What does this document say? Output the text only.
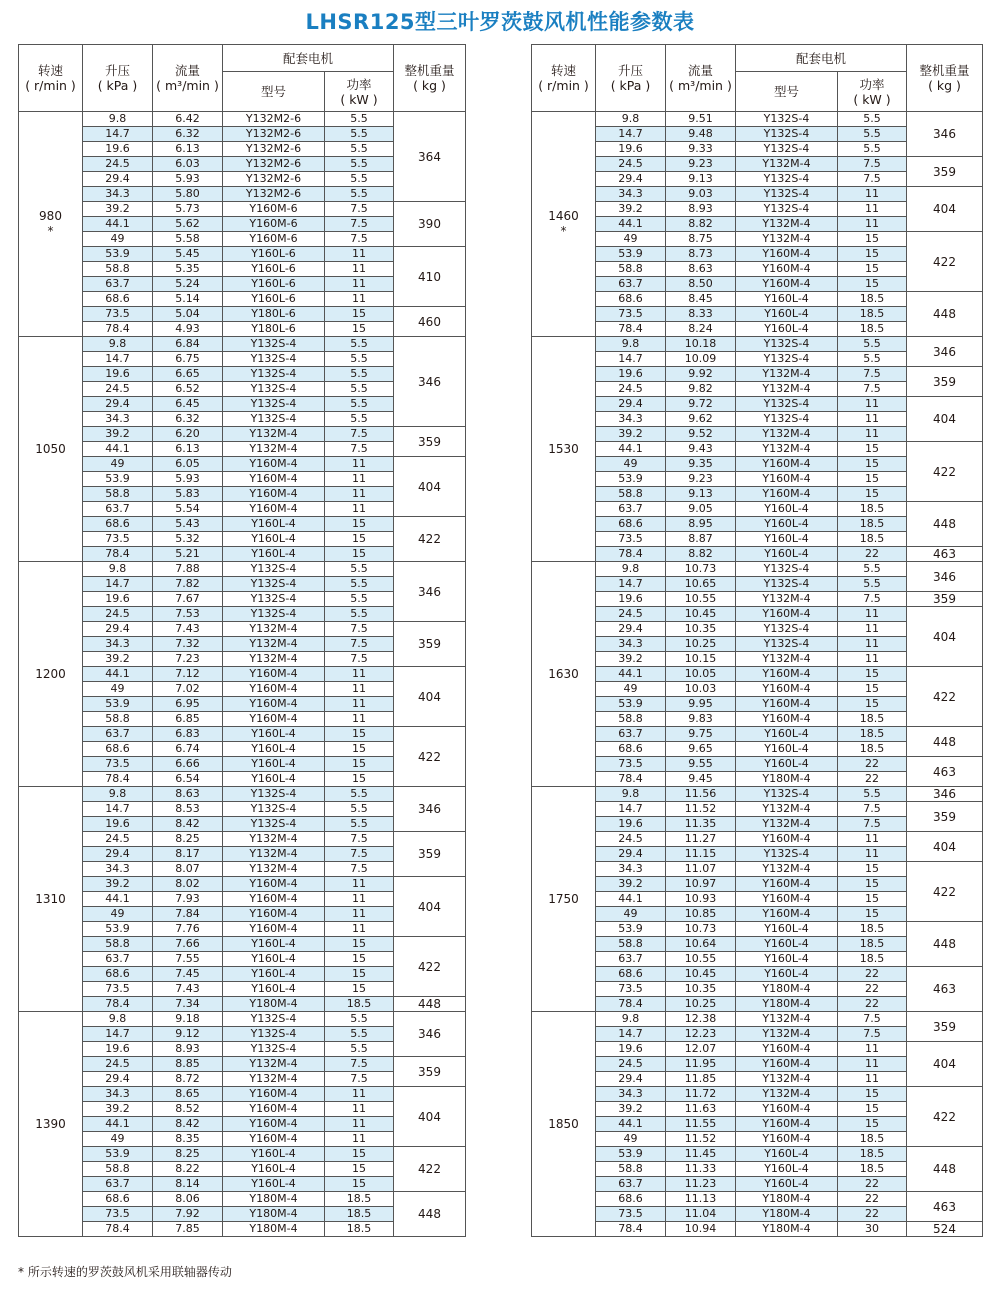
LHSR125型三叶罗茨鼓风机性能参数表
转速
( r/min )	升压
( kPa )	流量
( m³/min )	配套电机		整机重量
( kg )
			型号	功率
( kW )	
980
*	9.8	6.42	Y132M2-6	5.5	364
	14.7	6.32	Y132M2-6	5.5	
	19.6	6.13	Y132M2-6	5.5	
	24.5	6.03	Y132M2-6	5.5	
	29.4	5.93	Y132M2-6	5.5	
	34.3	5.80	Y132M2-6	5.5	
	39.2	5.73	Y160M-6	7.5	390
	44.1	5.62	Y160M-6	7.5	
	49	5.58	Y160M-6	7.5	
	53.9	5.45	Y160L-6	11	410
	58.8	5.35	Y160L-6	11	
	63.7	5.24	Y160L-6	11	
	68.6	5.14	Y160L-6	11	
	73.5	5.04	Y180L-6	15	460
	78.4	4.93	Y180L-6	15	
1050	9.8	6.84	Y132S-4	5.5	346
	14.7	6.75	Y132S-4	5.5	
	19.6	6.65	Y132S-4	5.5	
	24.5	6.52	Y132S-4	5.5	
	29.4	6.45	Y132S-4	5.5	
	34.3	6.32	Y132S-4	5.5	
	39.2	6.20	Y132M-4	7.5	359
	44.1	6.13	Y132M-4	7.5	
	49	6.05	Y160M-4	11	404
	53.9	5.93	Y160M-4	11	
	58.8	5.83	Y160M-4	11	
	63.7	5.54	Y160M-4	11	
	68.6	5.43	Y160L-4	15	422
	73.5	5.32	Y160L-4	15	
	78.4	5.21	Y160L-4	15	
1200	9.8	7.88	Y132S-4	5.5	346
	14.7	7.82	Y132S-4	5.5	
	19.6	7.67	Y132S-4	5.5	
	24.5	7.53	Y132S-4	5.5	
	29.4	7.43	Y132M-4	7.5	359
	34.3	7.32	Y132M-4	7.5	
	39.2	7.23	Y132M-4	7.5	
	44.1	7.12	Y160M-4	11	404
	49	7.02	Y160M-4	11	
	53.9	6.95	Y160M-4	11	
	58.8	6.85	Y160M-4	11	
	63.7	6.83	Y160L-4	15	422
	68.6	6.74	Y160L-4	15	
	73.5	6.66	Y160L-4	15	
	78.4	6.54	Y160L-4	15	
1310	9.8	8.63	Y132S-4	5.5	346
	14.7	8.53	Y132S-4	5.5	
	19.6	8.42	Y132S-4	5.5	
	24.5	8.25	Y132M-4	7.5	359
	29.4	8.17	Y132M-4	7.5	
	34.3	8.07	Y132M-4	7.5	
	39.2	8.02	Y160M-4	11	404
	44.1	7.93	Y160M-4	11	
	49	7.84	Y160M-4	11	
	53.9	7.76	Y160M-4	11	
	58.8	7.66	Y160L-4	15	422
	63.7	7.55	Y160L-4	15	
	68.6	7.45	Y160L-4	15	
	73.5	7.43	Y160L-4	15	
	78.4	7.34	Y180M-4	18.5	448
1390	9.8	9.18	Y132S-4	5.5	346
	14.7	9.12	Y132S-4	5.5	
	19.6	8.93	Y132S-4	5.5	
	24.5	8.85	Y132M-4	7.5	359
	29.4	8.72	Y132M-4	7.5	
	34.3	8.65	Y160M-4	11	404
	39.2	8.52	Y160M-4	11	
	44.1	8.42	Y160M-4	11	
	49	8.35	Y160M-4	11	
	53.9	8.25	Y160L-4	15	422
	58.8	8.22	Y160L-4	15	
	63.7	8.14	Y160L-4	15	
	68.6	8.06	Y180M-4	18.5	448
	73.5	7.92	Y180M-4	18.5	
	78.4	7.85	Y180M-4	18.5	
转速
( r/min )	升压
( kPa )	流量
( m³/min )	配套电机		整机重量
( kg )
			型号	功率
( kW )	
1460
*	9.8	9.51	Y132S-4	5.5	346
	14.7	9.48	Y132S-4	5.5	
	19.6	9.33	Y132S-4	5.5	
	24.5	9.23	Y132M-4	7.5	359
	29.4	9.13	Y132S-4	7.5	
	34.3	9.03	Y132S-4	11	404
	39.2	8.93	Y132S-4	11	
	44.1	8.82	Y132M-4	11	
	49	8.75	Y132M-4	15	422
	53.9	8.73	Y160M-4	15	
	58.8	8.63	Y160M-4	15	
	63.7	8.50	Y160M-4	15	
	68.6	8.45	Y160L-4	18.5	448
	73.5	8.33	Y160L-4	18.5	
	78.4	8.24	Y160L-4	18.5	
1530	9.8	10.18	Y132S-4	5.5	346
	14.7	10.09	Y132S-4	5.5	
	19.6	9.92	Y132M-4	7.5	359
	24.5	9.82	Y132M-4	7.5	
	29.4	9.72	Y132S-4	11	404
	34.3	9.62	Y132S-4	11	
	39.2	9.52	Y132M-4	11	
	44.1	9.43	Y132M-4	15	422
	49	9.35	Y160M-4	15	
	53.9	9.23	Y160M-4	15	
	58.8	9.13	Y160M-4	15	
	63.7	9.05	Y160L-4	18.5	448
	68.6	8.95	Y160L-4	18.5	
	73.5	8.87	Y160L-4	18.5	
	78.4	8.82	Y160L-4	22	463
1630	9.8	10.73	Y132S-4	5.5	346
	14.7	10.65	Y132S-4	5.5	
	19.6	10.55	Y132M-4	7.5	359
	24.5	10.45	Y160M-4	11	404
	29.4	10.35	Y132S-4	11	
	34.3	10.25	Y132S-4	11	
	39.2	10.15	Y132M-4	11	
	44.1	10.05	Y160M-4	15	422
	49	10.03	Y160M-4	15	
	53.9	9.95	Y160M-4	15	
	58.8	9.83	Y160M-4	18.5	
	63.7	9.75	Y160L-4	18.5	448
	68.6	9.65	Y160L-4	18.5	
	73.5	9.55	Y160L-4	22	463
	78.4	9.45	Y180M-4	22	
1750	9.8	11.56	Y132S-4	5.5	346
	14.7	11.52	Y132M-4	7.5	359
	19.6	11.35	Y132M-4	7.5	
	24.5	11.27	Y160M-4	11	404
	29.4	11.15	Y132S-4	11	
	34.3	11.07	Y132M-4	15	422
	39.2	10.97	Y160M-4	15	
	44.1	10.93	Y160M-4	15	
	49	10.85	Y160M-4	15	
	53.9	10.73	Y160L-4	18.5	448
	58.8	10.64	Y160L-4	18.5	
	63.7	10.55	Y160L-4	18.5	
	68.6	10.45	Y160L-4	22	463
	73.5	10.35	Y180M-4	22	
	78.4	10.25	Y180M-4	22	
1850	9.8	12.38	Y132M-4	7.5	359
	14.7	12.23	Y132M-4	7.5	
	19.6	12.07	Y160M-4	11	404
	24.5	11.95	Y160M-4	11	
	29.4	11.85	Y132M-4	11	
	34.3	11.72	Y132M-4	15	422
	39.2	11.63	Y160M-4	15	
	44.1	11.55	Y160M-4	15	
	49	11.52	Y160M-4	18.5	
	53.9	11.45	Y160L-4	18.5	448
	58.8	11.33	Y160L-4	18.5	
	63.7	11.23	Y160L-4	22	
	68.6	11.13	Y180M-4	22	463
	73.5	11.04	Y180M-4	22	
	78.4	10.94	Y180M-4	30	524
* 所示转速的罗茨鼓风机采用联轴器传动
